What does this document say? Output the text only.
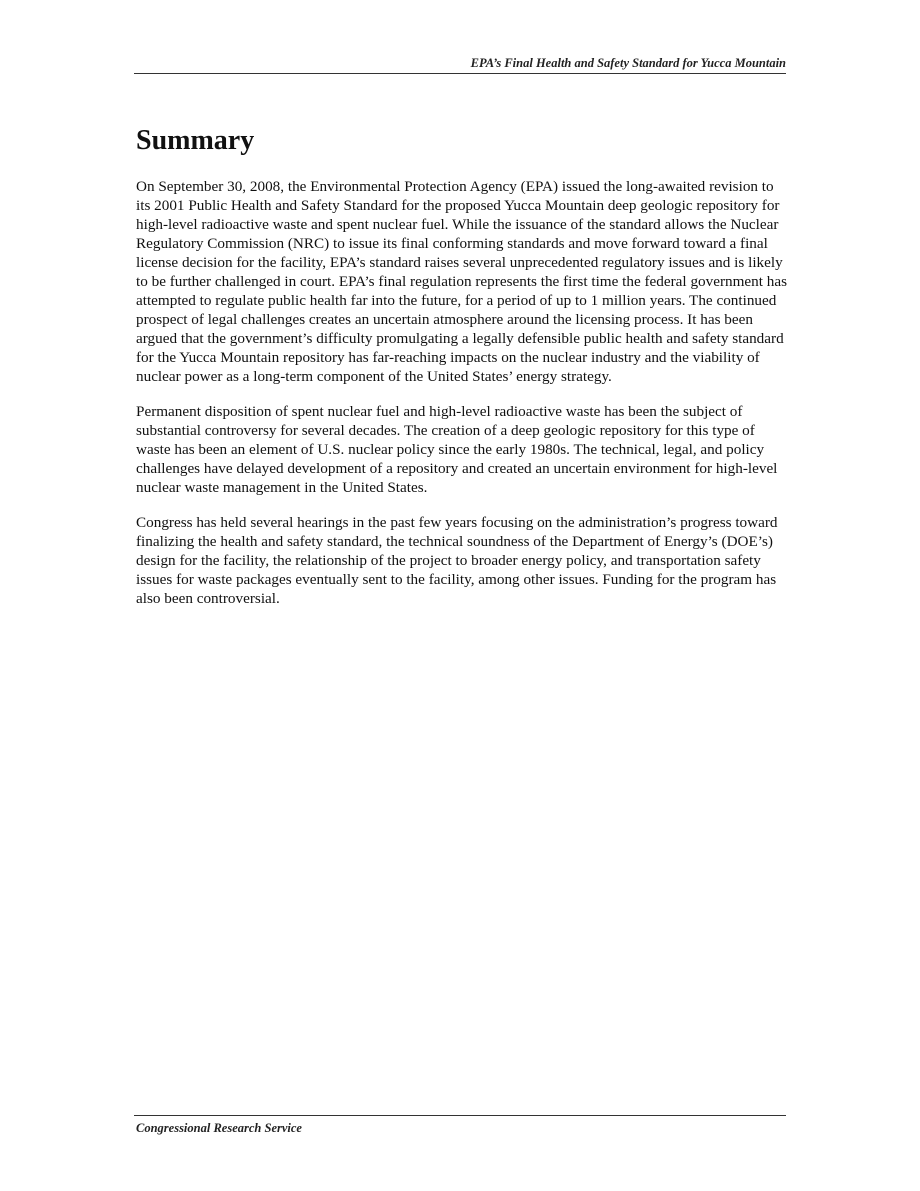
EPA’s Final Health and Safety Standard for Yucca Mountain
Summary

On September 30, 2008, the Environmental Protection Agency (EPA) issued the long-awaited revision to its 2001 Public Health and Safety Standard for the proposed Yucca Mountain deep geologic repository for high-level radioactive waste and spent nuclear fuel. While the issuance of the standard allows the Nuclear Regulatory Commission (NRC) to issue its final conforming standards and move forward toward a final license decision for the facility, EPA’s standard raises several unprecedented regulatory issues and is likely to be further challenged in court. EPA’s final regulation represents the first time the federal government has attempted to regulate public health far into the future, for a period of up to 1 million years. The continued prospect of legal challenges creates an uncertain atmosphere around the licensing process. It has been argued that the government’s difficulty promulgating a legally defensible public health and safety standard for the Yucca Mountain repository has far-reaching impacts on the nuclear industry and the viability of nuclear power as a long-term component of the United States’ energy strategy.

Permanent disposition of spent nuclear fuel and high-level radioactive waste has been the subject of substantial controversy for several decades. The creation of a deep geologic repository for this type of waste has been an element of U.S. nuclear policy since the early 1980s. The technical, legal, and policy challenges have delayed development of a repository and created an uncertain environment for high-level nuclear waste management in the United States.

Congress has held several hearings in the past few years focusing on the administration’s progress toward finalizing the health and safety standard, the technical soundness of the Department of Energy’s (DOE’s) design for the facility, the relationship of the project to broader energy policy, and transportation safety issues for waste packages eventually sent to the facility, among other issues. Funding for the program has also been controversial.

Congressional Research Service
